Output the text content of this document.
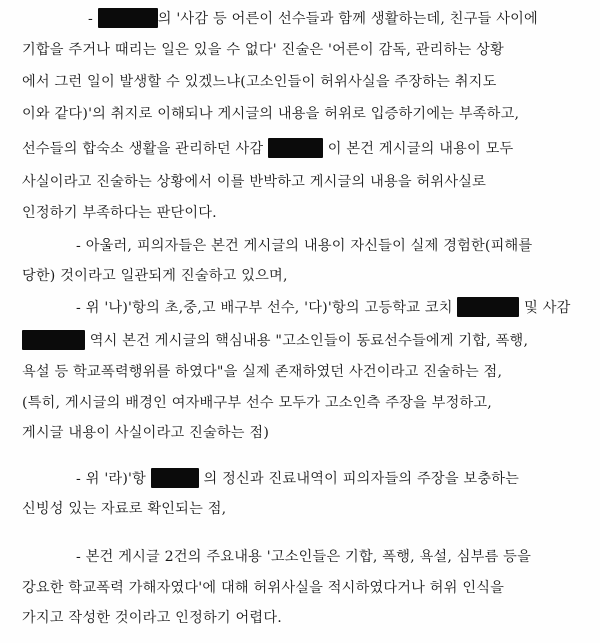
-	의 '사감 등 어른이 선수들과 함께 생활하는데, 친구들 사이에
기합을 주거나 때리는 일은 있을 수 없다' 진술은 '어른이 감독, 관리하는 상황
에서 그런 일이 발생할 수 있겠느냐(고소인들이 허위사실을 주장하는 취지도
이와 같다)'의 취지로 이해되나 게시글의 내용을 허위로 입증하기에는 부족하고,
선수들의 합숙소 생활을 관리하던 사감	이 본건 게시글의 내용이 모두
사실이라고 진술하는 상황에서 이를 반박하고 게시글의 내용을 허위사실로
인정하기 부족하다는 판단이다.
- 아울러, 피의자들은 본건 게시글의 내용이 자신들이 실제 경험한(피해를
당한) 것이라고 일관되게 진술하고 있으며,
- 위 '나)'항의 초,중,고 배구부 선수, '다)'항의 고등학교 코치	및 사감
역시 본건 게시글의 핵심내용 "고소인들이 동료선수들에게 기합, 폭행,
욕설 등 학교폭력행위를 하였다"을 실제 존재하였던 사건이라고 진술하는 점,
(특히, 게시글의 배경인 여자배구부 선수 모두가 고소인측 주장을 부정하고,
게시글 내용이 사실이라고 진술하는 점)
- 위 '라)'항	의 정신과 진료내역이 피의자들의 주장을 보충하는
신빙성 있는 자료로 확인되는 점,
- 본건 게시글 2건의 주요내용 '고소인들은 기합, 폭행, 욕설, 심부름 등을
강요한 학교폭력 가해자였다'에 대해 허위사실을 적시하였다거나 허위 인식을
가지고 작성한 것이라고 인정하기 어렵다.
